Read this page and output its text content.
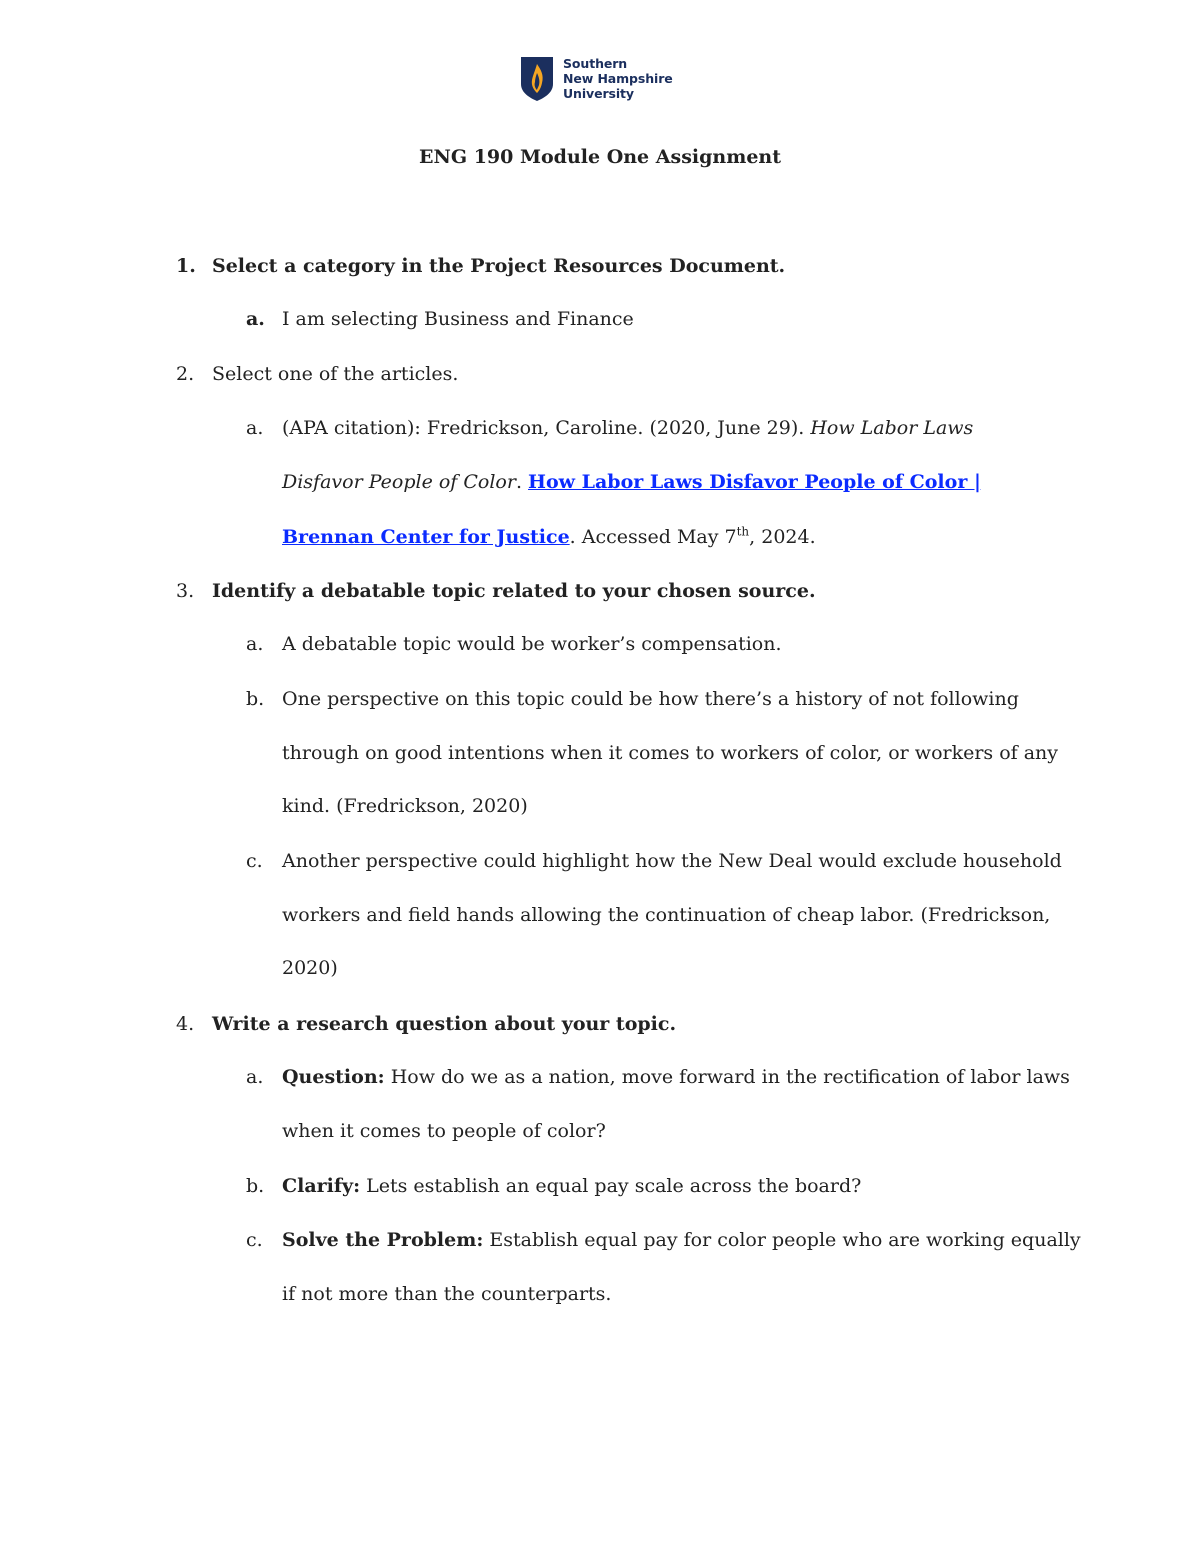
Southern
New Hampshire
University
ENG 190 Module One Assignment
1. Select a category in the Project Resources Document.
a. I am selecting Business and Finance
2. Select one of the articles.
a. (APA citation): Fredrickson, Caroline. (2020, June 29). How Labor Laws
Disfavor People of Color. How Labor Laws Disfavor People of Color |
Brennan Center for Justice. Accessed May 7th, 2024.
3. Identify a debatable topic related to your chosen source.
a. A debatable topic would be worker’s compensation.
b. One perspective on this topic could be how there’s a history of not following
through on good intentions when it comes to workers of color, or workers of any
kind. (Fredrickson, 2020)
c. Another perspective could highlight how the New Deal would exclude household
workers and field hands allowing the continuation of cheap labor. (Fredrickson,
2020)
4. Write a research question about your topic.
a. Question: How do we as a nation, move forward in the rectification of labor laws
when it comes to people of color?
b. Clarify: Lets establish an equal pay scale across the board?
c. Solve the Problem: Establish equal pay for color people who are working equally
if not more than the counterparts.
